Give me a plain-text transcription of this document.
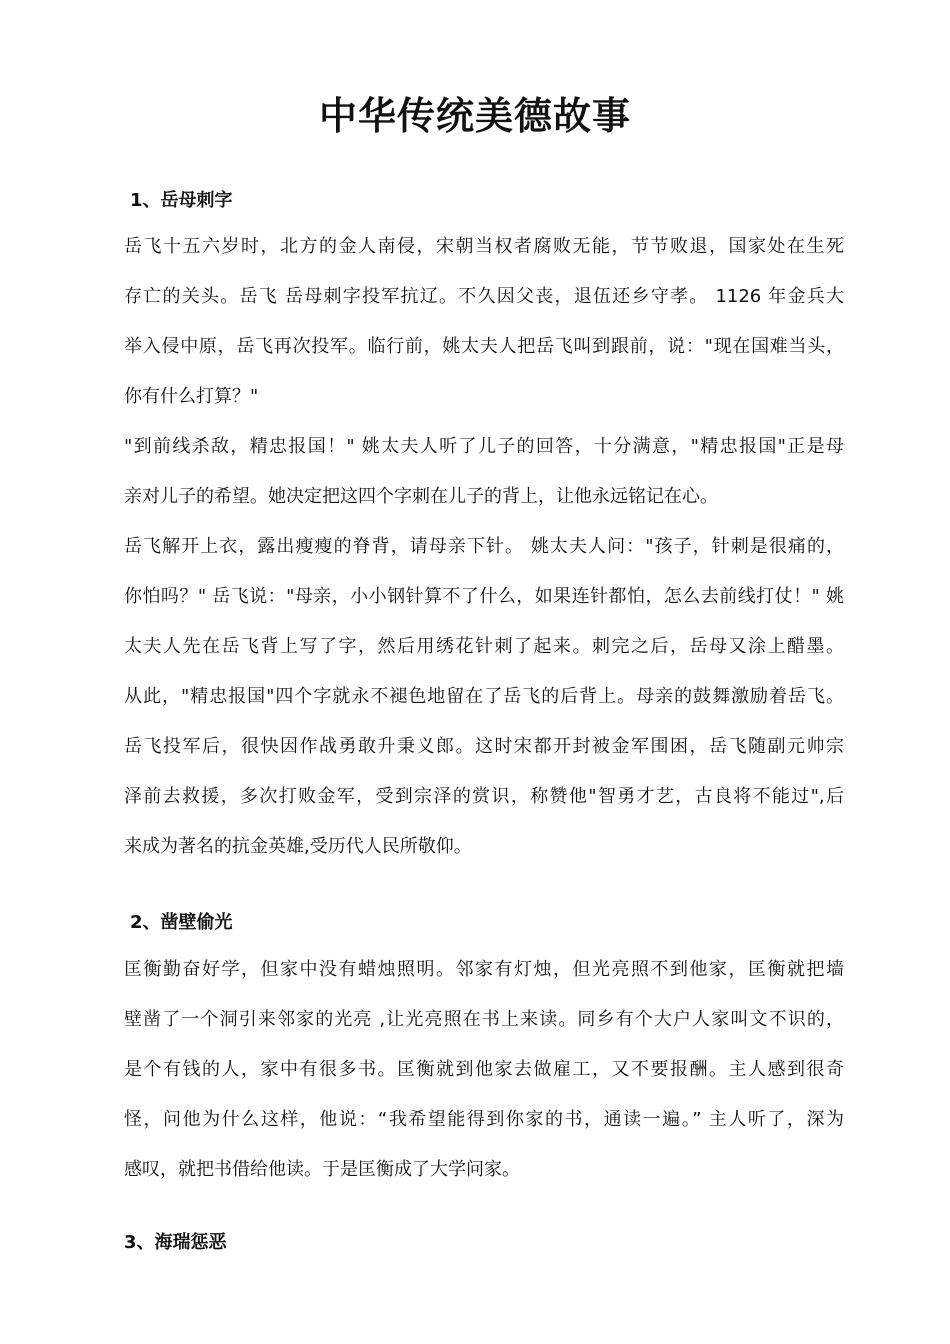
中华传统美德故事
1、岳母刺字
岳飞十五六岁时，北方的金人南侵，宋朝当权者腐败无能，节节败退，国家处在生死
存亡的关头。岳飞 岳母刺字投军抗辽。不久因父丧，退伍还乡守孝。 1126 年金兵大
举入侵中原，岳飞再次投军。临行前，姚太夫人把岳飞叫到跟前，说："现在国难当头，
你有什么打算？"
"到前线杀敌，精忠报国！" 姚太夫人听了儿子的回答，十分满意，"精忠报国"正是母
亲对儿子的希望。她决定把这四个字刺在儿子的背上，让他永远铭记在心。
岳飞解开上衣，露出瘦瘦的脊背，请母亲下针。 姚太夫人问："孩子，针刺是很痛的，
你怕吗？" 岳飞说："母亲，小小钢针算不了什么，如果连针都怕，怎么去前线打仗！" 姚
太夫人先在岳飞背上写了字，然后用绣花针刺了起来。刺完之后，岳母又涂上醋墨。
从此，"精忠报国"四个字就永不褪色地留在了岳飞的后背上。母亲的鼓舞激励着岳飞。
岳飞投军后，很快因作战勇敢升秉义郎。这时宋都开封被金军围困，岳飞随副元帅宗
泽前去救援，多次打败金军，受到宗泽的赏识，称赞他"智勇才艺，古良将不能过",后
来成为著名的抗金英雄,受历代人民所敬仰。
2、凿壁偷光
匡衡勤奋好学，但家中没有蜡烛照明。邻家有灯烛，但光亮照不到他家，匡衡就把墙
壁凿了一个洞引来邻家的光亮 ,让光亮照在书上来读。同乡有个大户人家叫文不识的，
是个有钱的人，家中有很多书。匡衡就到他家去做雇工，又不要报酬。主人感到很奇
怪，问他为什么这样，他说：“我希望能得到你家的书，通读一遍。” 主人听了，深为
感叹，就把书借给他读。于是匡衡成了大学问家。
3、海瑞惩恶
